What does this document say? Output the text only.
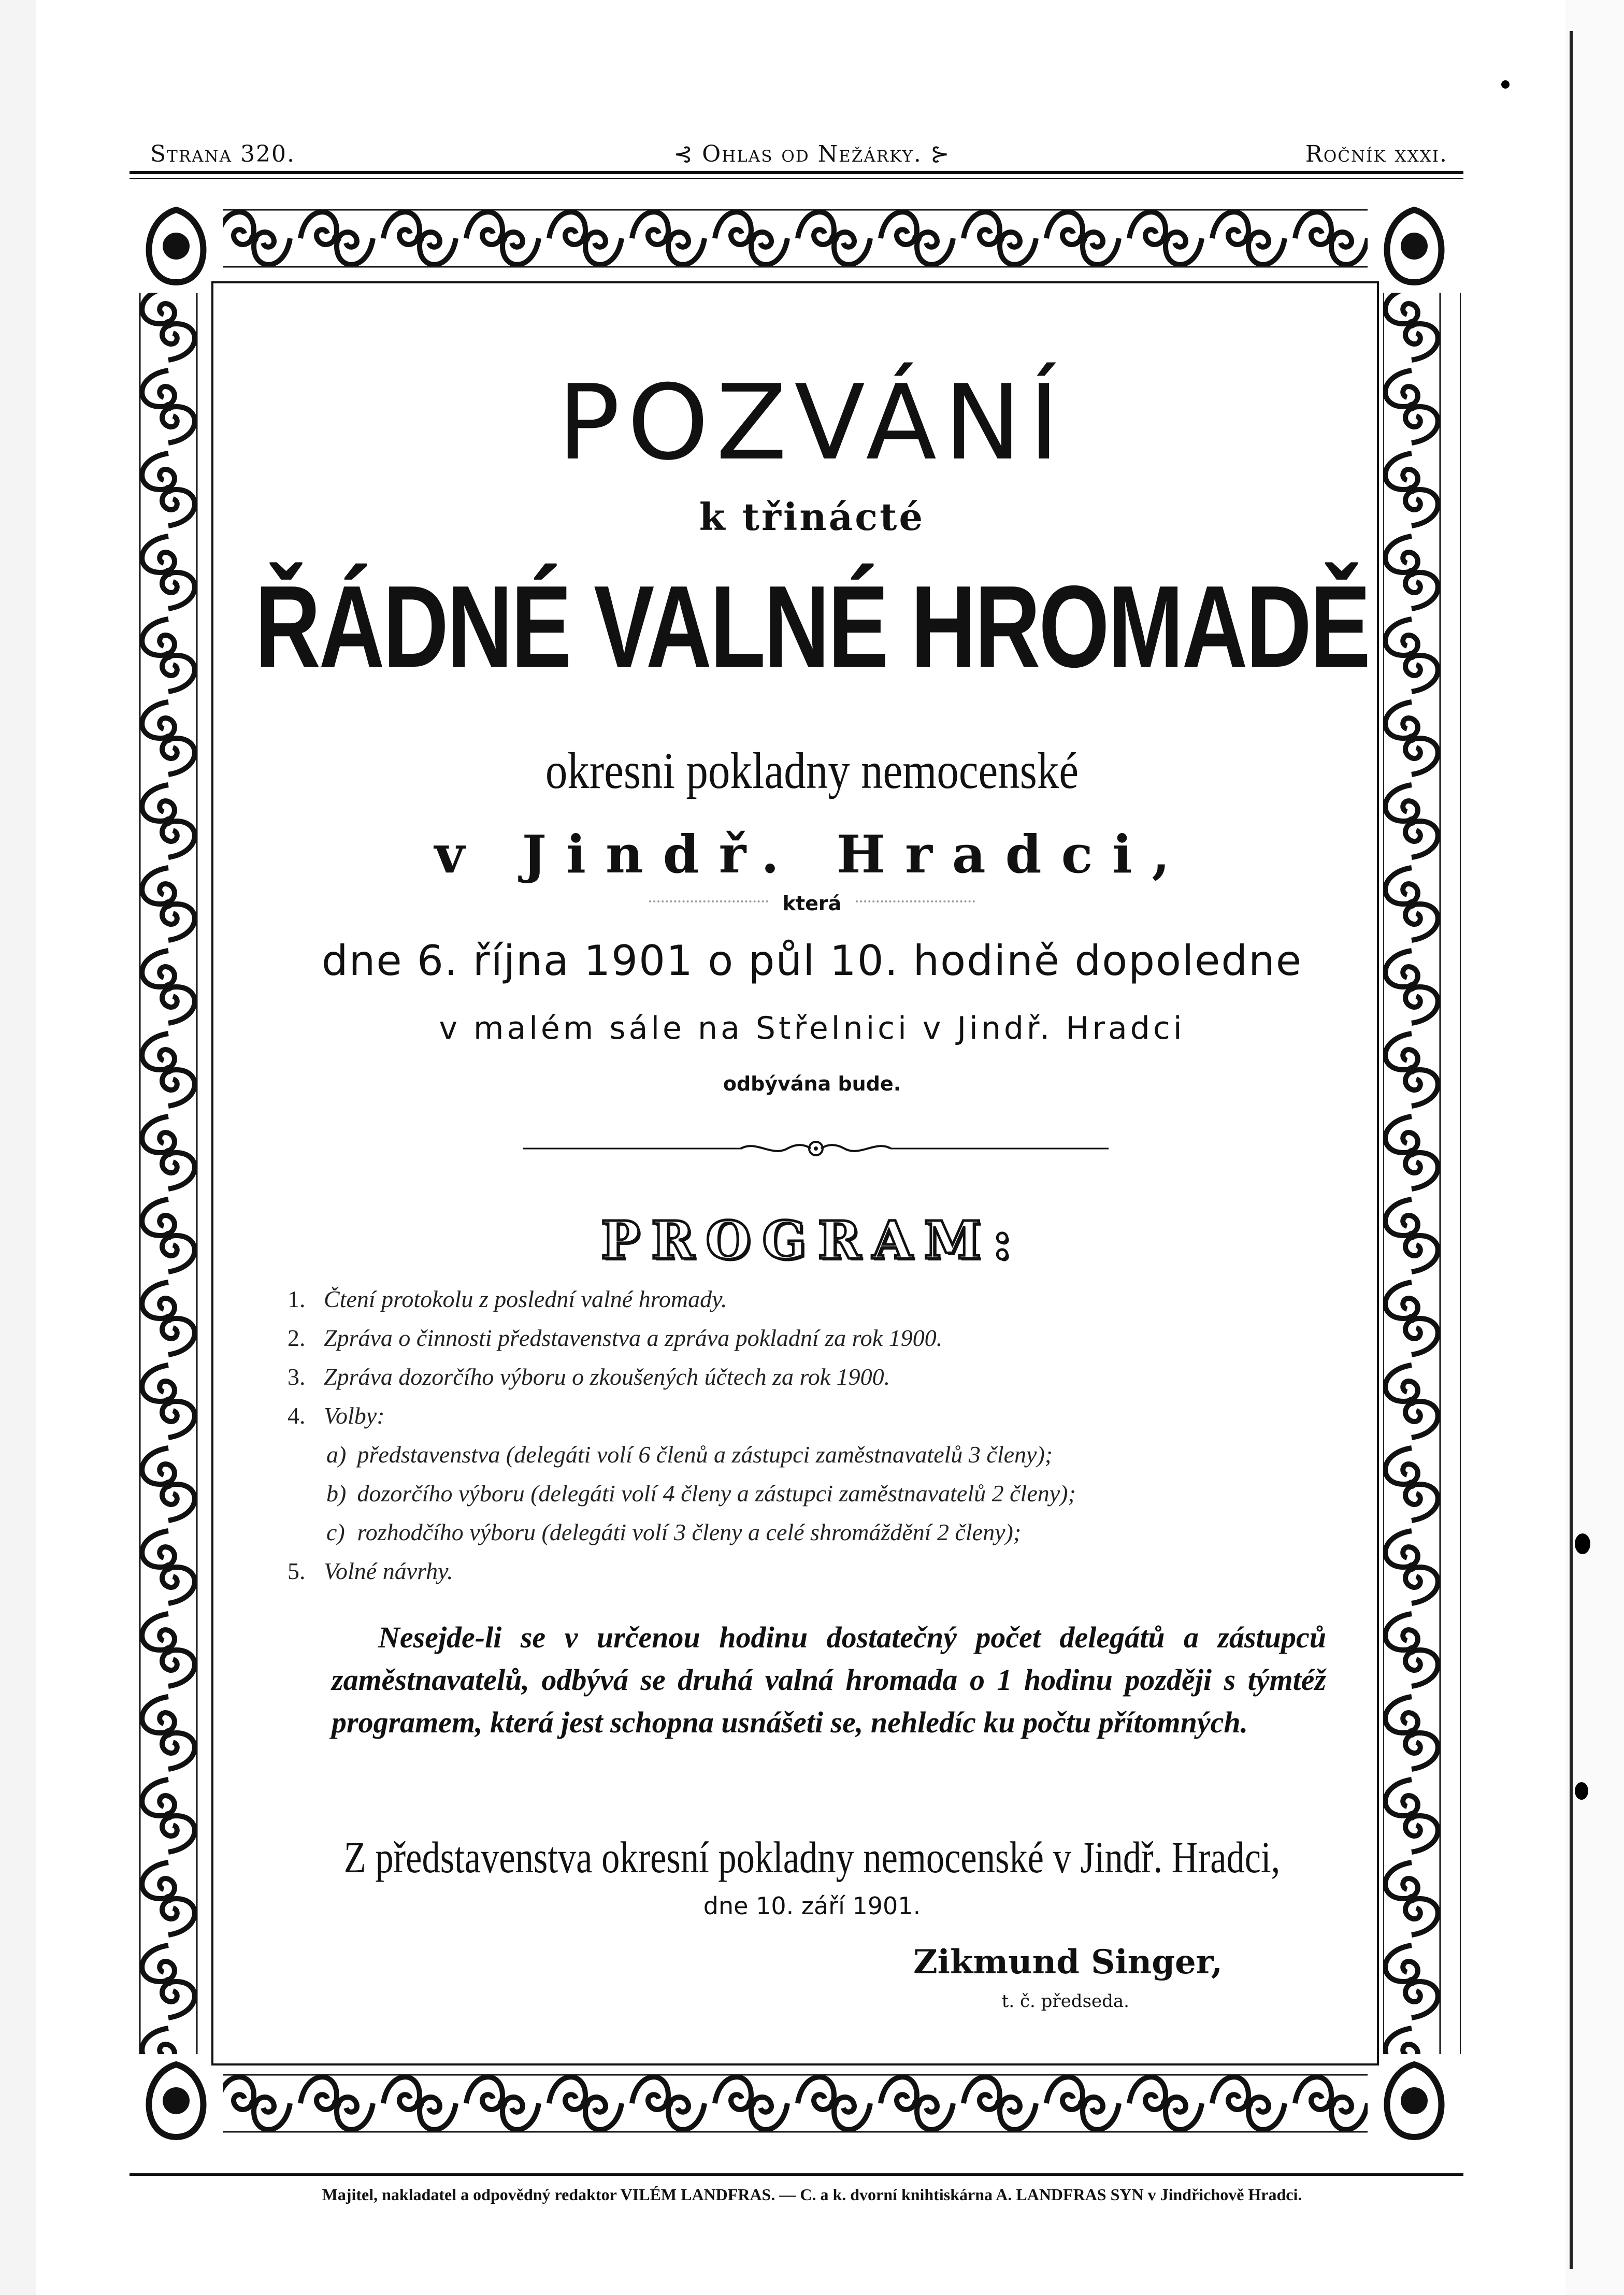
Strana 320.	⊰ Ohlas od Nežárky. ⊱	Ročník xxxi.
POZVÁNÍ
k třinácté
ŘÁDNÉ VALNÉ HROMADĚ
okresni pokladny nemocenské
v Jindř. Hradci,
která
dne 6. října 1901 o půl 10. hodině dopoledne
v malém sále na Střelnici v Jindř. Hradci
odbývána bude.
PROGRAM:
1. Čtení protokolu z poslední valné hromady.
2. Zpráva o činnosti představenstva a zpráva pokladní za rok 1900.
3. Zpráva dozorčího výboru o zkoušených účtech za rok 1900.
4. Volby:
a) představenstva (delegáti volí 6 členů a zástupci zaměstnavatelů 3 členy);
b) dozorčího výboru (delegáti volí 4 členy a zástupci zaměstnavatelů 2 členy);
c) rozhodčího výboru (delegáti volí 3 členy a celé shromáždění 2 členy);
5. Volné návrhy.
Nesejde-li se v určenou hodinu dostatečný počet delegátů a zástupců zaměstnavatelů, odbývá se druhá valná hromada o 1 hodinu později s týmtéž programem, která jest schopna usnášeti se, nehledíc ku počtu přítomných.
Z představenstva okresní pokladny nemocenské v Jindř. Hradci,
dne 10. září 1901.
Zikmund Singer,
t. č. předseda.
Majitel, nakladatel a odpovědný redaktor VILÉM LANDFRAS. — C. a k. dvorní knihtiskárna A. LANDFRAS SYN v Jindřichově Hradci.
